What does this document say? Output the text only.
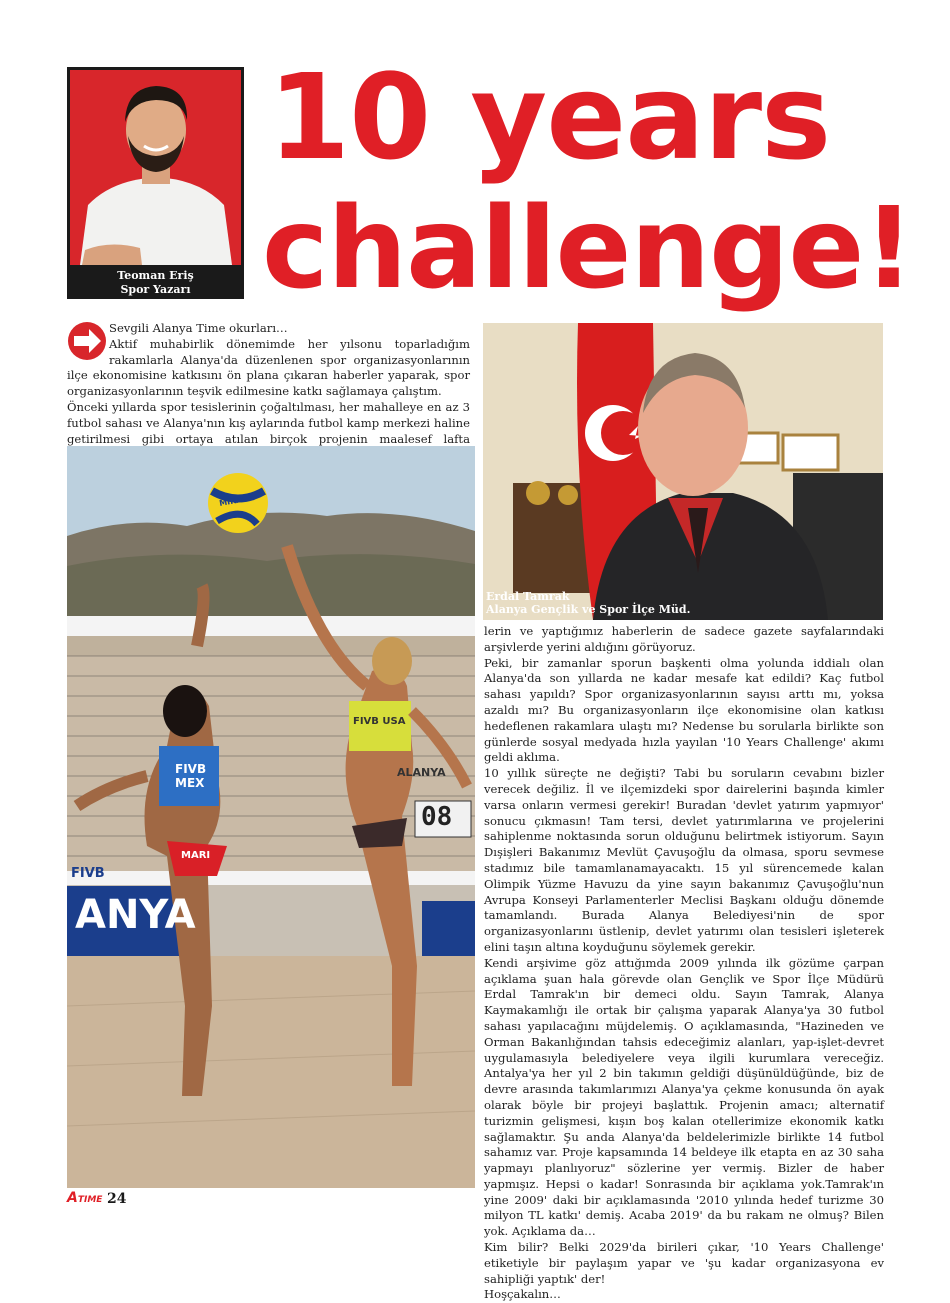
Teoman Eriş
Spor Yazarı
10 years
challenge!

Sevgili Alanya Time okurları…

Aktif muhabirlik dönemimde her yılsonu toparladığım rakamlarla Alanya'da düzenlenen spor organizasyonlarının ilçe ekonomisine katkısını ön plana çıkaran haberler yaparak, spor organizasyonlarının teşvik edilmesine katkı sağlamaya çalıştım.

Önceki yıllarda spor tesislerinin çoğaltılması, her mahalleye en az 3 futbol sahası ve Alanya'nın kış aylarında futbol kamp merkezi haline getirilmesi gibi ortaya atılan birçok projenin maalesef lafta

MIKASA
FIVB MEX
MARI
FIVB USA
FIVB
ANYA
08
ALANYA
Erdal Tamrak
Alanya Gençlik ve Spor İlçe Müd.

lerin ve yaptığımız haberlerin de sadece gazete sayfalarındaki arşivlerde yerini aldığını görüyoruz.

Peki, bir zamanlar sporun başkenti olma yolunda iddialı olan Alanya'da son yıllarda ne kadar mesafe kat edildi? Kaç futbol sahası yapıldı? Spor organizasyonlarının sayısı arttı mı, yoksa azaldı mı? Bu organizasyonların ilçe ekonomisine olan katkısı hedeflenen rakamlara ulaştı mı? Nedense bu sorularla birlikte son günlerde sosyal medyada hızla yayılan '10 Years Challenge' akımı geldi aklıma.

10 yıllık süreçte ne değişti? Tabi bu soruların cevabını bizler verecek değiliz. İl ve ilçemizdeki spor dairelerini başında kimler varsa onların vermesi gerekir! Buradan 'devlet yatırım yapmıyor' sonucu çıkmasın! Tam tersi, devlet yatırımlarına ve projelerini sahiplenme noktasında sorun olduğunu belirtmek istiyorum. Sayın Dışişleri Bakanımız Mevlüt Çavuşoğlu da olmasa, sporu sevmese stadımız bile tamamlanamayacaktı. 15 yıl sürencemede kalan Olimpik Yüzme Havuzu da yine sayın bakanımız Çavuşoğlu'nun Avrupa Konseyi Parlamenterler Meclisi Başkanı olduğu dönemde tamamlandı. Burada Alanya Belediyesi'nin de spor organizasyonlarını üstlenip, devlet yatırımı olan tesisleri işleterek elini taşın altına koyduğunu söylemek gerekir.

Kendi arşivime göz attığımda 2009 yılında ilk gözüme çarpan açıklama şuan hala görevde olan Gençlik ve Spor İlçe Müdürü Erdal Tamrak'ın bir demeci oldu. Sayın Tamrak, Alanya Kaymakamlığı ile ortak bir çalışma yaparak Alanya'ya 30 futbol sahası yapılacağını müjdelemiş. O açıklamasında, "Hazineden ve Orman Bakanlığından tahsis edeceğimiz alanları, yap-işlet-devret uygulamasıyla belediyelere veya ilgili kurumlara vereceğiz. Antalya'ya her yıl 2 bin takımın geldiği düşünüldüğünde, biz de devre arasında takımlarımızı Alanya'ya çekme konusunda ön ayak olarak böyle bir projeyi başlattık. Projenin amacı; alternatif turizmin gelişmesi, kışın boş kalan otellerimize ekonomik katkı sağlamaktır. Şu anda Alanya'da beldelerimizle birlikte 14 futbol sahamız var. Proje kapsamında 14 beldeye ilk etapta en az 30 saha yapmayı planlıyoruz" sözlerine yer vermiş. Bizler de haber yapmışız. Hepsi o kadar! Sonrasında bir açıklama yok.Tamrak'ın yine 2009' daki bir açıklamasında '2010 yılında hedef turizme 30 milyon TL katkı' demiş. Acaba 2019' da bu rakam ne olmuş? Bilen yok. Açıklama da…

Kim bilir? Belki 2029'da birileri çıkar, '10 Years Challenge' etiketiyle bir paylaşım yapar ve 'şu kadar organizasyona ev sahipliği yaptık' der!

Hoşçakalın…

ATIME 24
